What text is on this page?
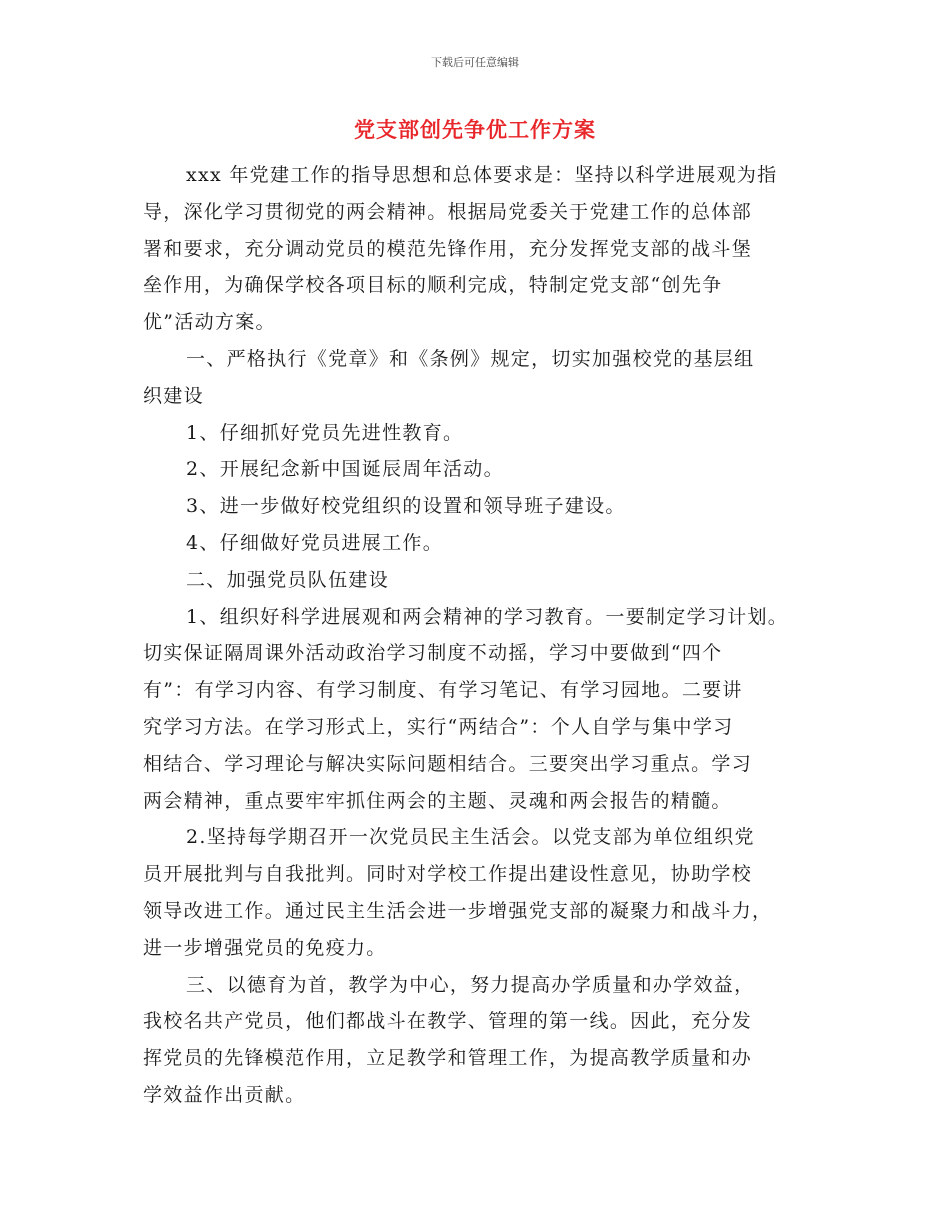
下载后可任意编辑
党支部创先争优工作方案
xxx 年党建工作的指导思想和总体要求是：坚持以科学进展观为指
导，深化学习贯彻党的两会精神。根据局党委关于党建工作的总体部
署和要求，充分调动党员的模范先锋作用，充分发挥党支部的战斗堡
垒作用，为确保学校各项目标的顺利完成，特制定党支部“创先争
优”活动方案。
一、严格执行《党章》和《条例》规定，切实加强校党的基层组
织建设
1、仔细抓好党员先进性教育。
2、开展纪念新中国诞辰周年活动。
3、进一步做好校党组织的设置和领导班子建设。
4、仔细做好党员进展工作。
二、加强党员队伍建设
1、组织好科学进展观和两会精神的学习教育。一要制定学习计划。
切实保证隔周课外活动政治学习制度不动摇，学习中要做到“四个
有”：有学习内容、有学习制度、有学习笔记、有学习园地。二要讲
究学习方法。在学习形式上，实行“两结合”：个人自学与集中学习
相结合、学习理论与解决实际问题相结合。三要突出学习重点。学习
两会精神，重点要牢牢抓住两会的主题、灵魂和两会报告的精髓。
2.坚持每学期召开一次党员民主生活会。以党支部为单位组织党
员开展批判与自我批判。同时对学校工作提出建设性意见，协助学校
领导改进工作。通过民主生活会进一步增强党支部的凝聚力和战斗力，
进一步增强党员的免疫力。
三、以德育为首，教学为中心，努力提高办学质量和办学效益，
我校名共产党员，他们都战斗在教学、管理的第一线。因此，充分发
挥党员的先锋模范作用，立足教学和管理工作，为提高教学质量和办
学效益作出贡献。
